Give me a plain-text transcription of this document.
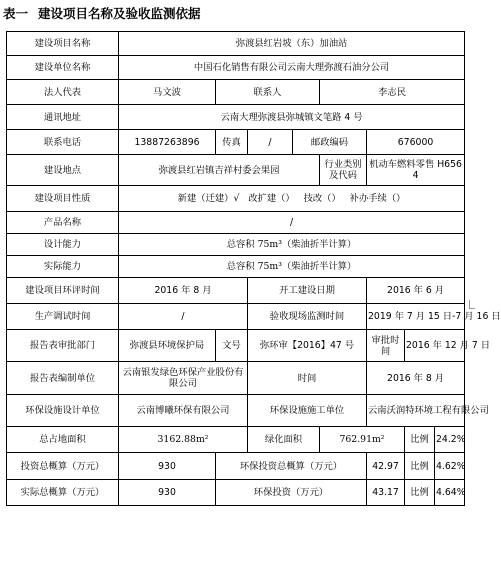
表一 建设项目名称及验收监测依据
建设项目名称	弥渡县红岩坡（东）加油站							
建设单位名称	中国石化销售有限公司云南大理弥渡石油分公司							
法人代表	马文波	联系人			李志民			
通讯地址	云南大理弥渡县弥城镇文笔路 4 号							
联系电话	13887263896	传真	/	邮政编码		676000		
建设地点	弥渡县红岩镇吉祥村委会果园				行业类别及代码	机动车燃料零售 H6564		
建设项目性质	新建（迁建）√   改扩建（）   技改（）   补办手续（）							
产品名称	/							
设计能力	总容积 75m³（柴油折半计算）							
实际能力	总容积 75m³（柴油折半计算）							
建设项目环评时间	2016 年 8 月		开工建设日期			2016 年 6 月		
生产调试时间	/		验收现场监测时间			2019 年 7 月 15 日-7 月 16 日		
报告表审批部门	弥渡县环境保护局	文号	弥环审【2016】47 号			审批时间	2016 年 12 月 7 日	
报告表编制单位	云南银发绿色环保产业股份有限公司		时间			2016 年 8 月		
环保设施设计单位	云南博曦环保有限公司		环保设施施工单位			云南沃润特环境工程有限公司		
总占地面积	3162.88m²		绿化面积		762.91m²		比例	24.2%
投资总概算（万元）	930	环保投资总概算（万元）				42.97	比例	4.62%
实际总概算（万元）	930	环保投资（万元）				43.17	比例	4.64%
